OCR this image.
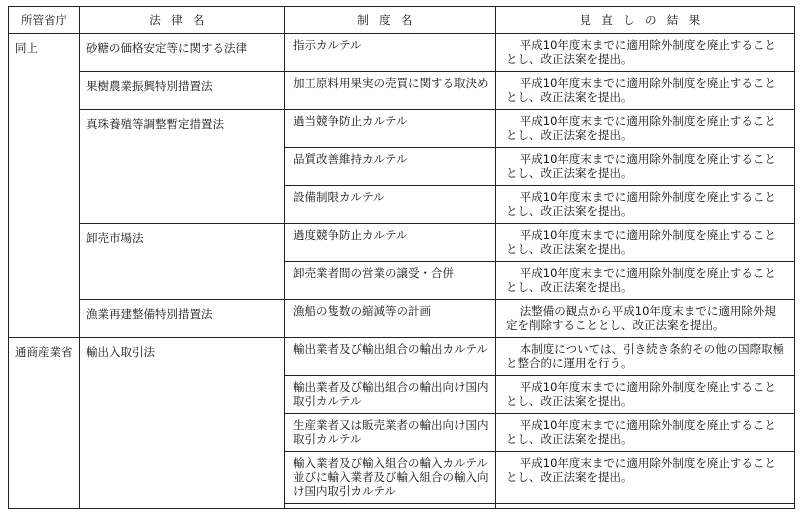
所管省庁	法律名	制度名	見直しの結果
同上	砂糖の価格安定等に関する法律	指示カルテル	平成10年度末までに適用除外制度を廃止することとし、改正法案を提出。
	果樹農業振興特別措置法	加工原料用果実の売買に関する取決め	平成10年度末までに適用除外制度を廃止することとし、改正法案を提出。
	真珠養殖等調整暫定措置法	過当競争防止カルテル	平成10年度末までに適用除外制度を廃止することとし、改正法案を提出。
		品質改善維持カルテル	平成10年度末までに適用除外制度を廃止することとし、改正法案を提出。
		設備制限カルテル	平成10年度末までに適用除外制度を廃止することとし、改正法案を提出。
	卸売市場法	過度競争防止カルテル	平成10年度末までに適用除外制度を廃止することとし、改正法案を提出。
		卸売業者間の営業の譲受・合併	平成10年度末までに適用除外制度を廃止することとし、改正法案を提出。
	漁業再建整備特別措置法	漁船の隻数の縮減等の計画	法整備の観点から平成10年度末までに適用除外規定を削除することとし、改正法案を提出。
通商産業省	輸出入取引法	輸出業者及び輸出組合の輸出カルテル	本制度については、引き続き条約その他の国際取極と整合的に運用を行う。
		輸出業者及び輸出組合の輸出向け国内取引カルテル	平成10年度末までに適用除外制度を廃止することとし、改正法案を提出。
		生産業者又は販売業者の輸出向け国内取引カルテル	平成10年度末までに適用除外制度を廃止することとし、改正法案を提出。
		輸入業者及び輸入組合の輸入カルテル並びに輸入業者及び輸入組合の輸入向け国内取引カルテル	平成10年度末までに適用除外制度を廃止することとし、改正法案を提出。
